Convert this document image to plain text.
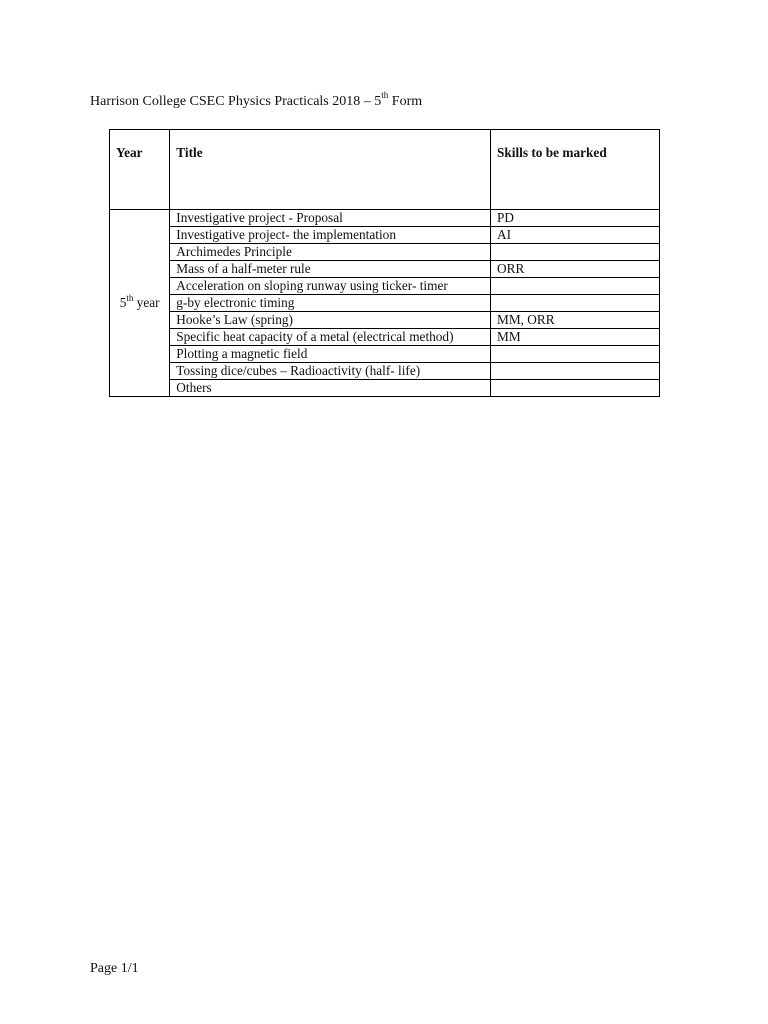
Harrison College CSEC Physics Practicals 2018 – 5th Form
Year	Title	Skills to be marked
5th year	Investigative project - Proposal	PD
	Investigative project- the implementation	AI
	Archimedes Principle	
	Mass of a half-meter rule	ORR
	Acceleration on sloping runway using ticker- timer	
	g-by electronic timing	
	Hooke’s Law (spring)	MM, ORR
	Specific heat capacity of a metal (electrical method)	MM
	Plotting a magnetic field	
	Tossing dice/cubes – Radioactivity (half- life)	
	Others	
Page 1/1
